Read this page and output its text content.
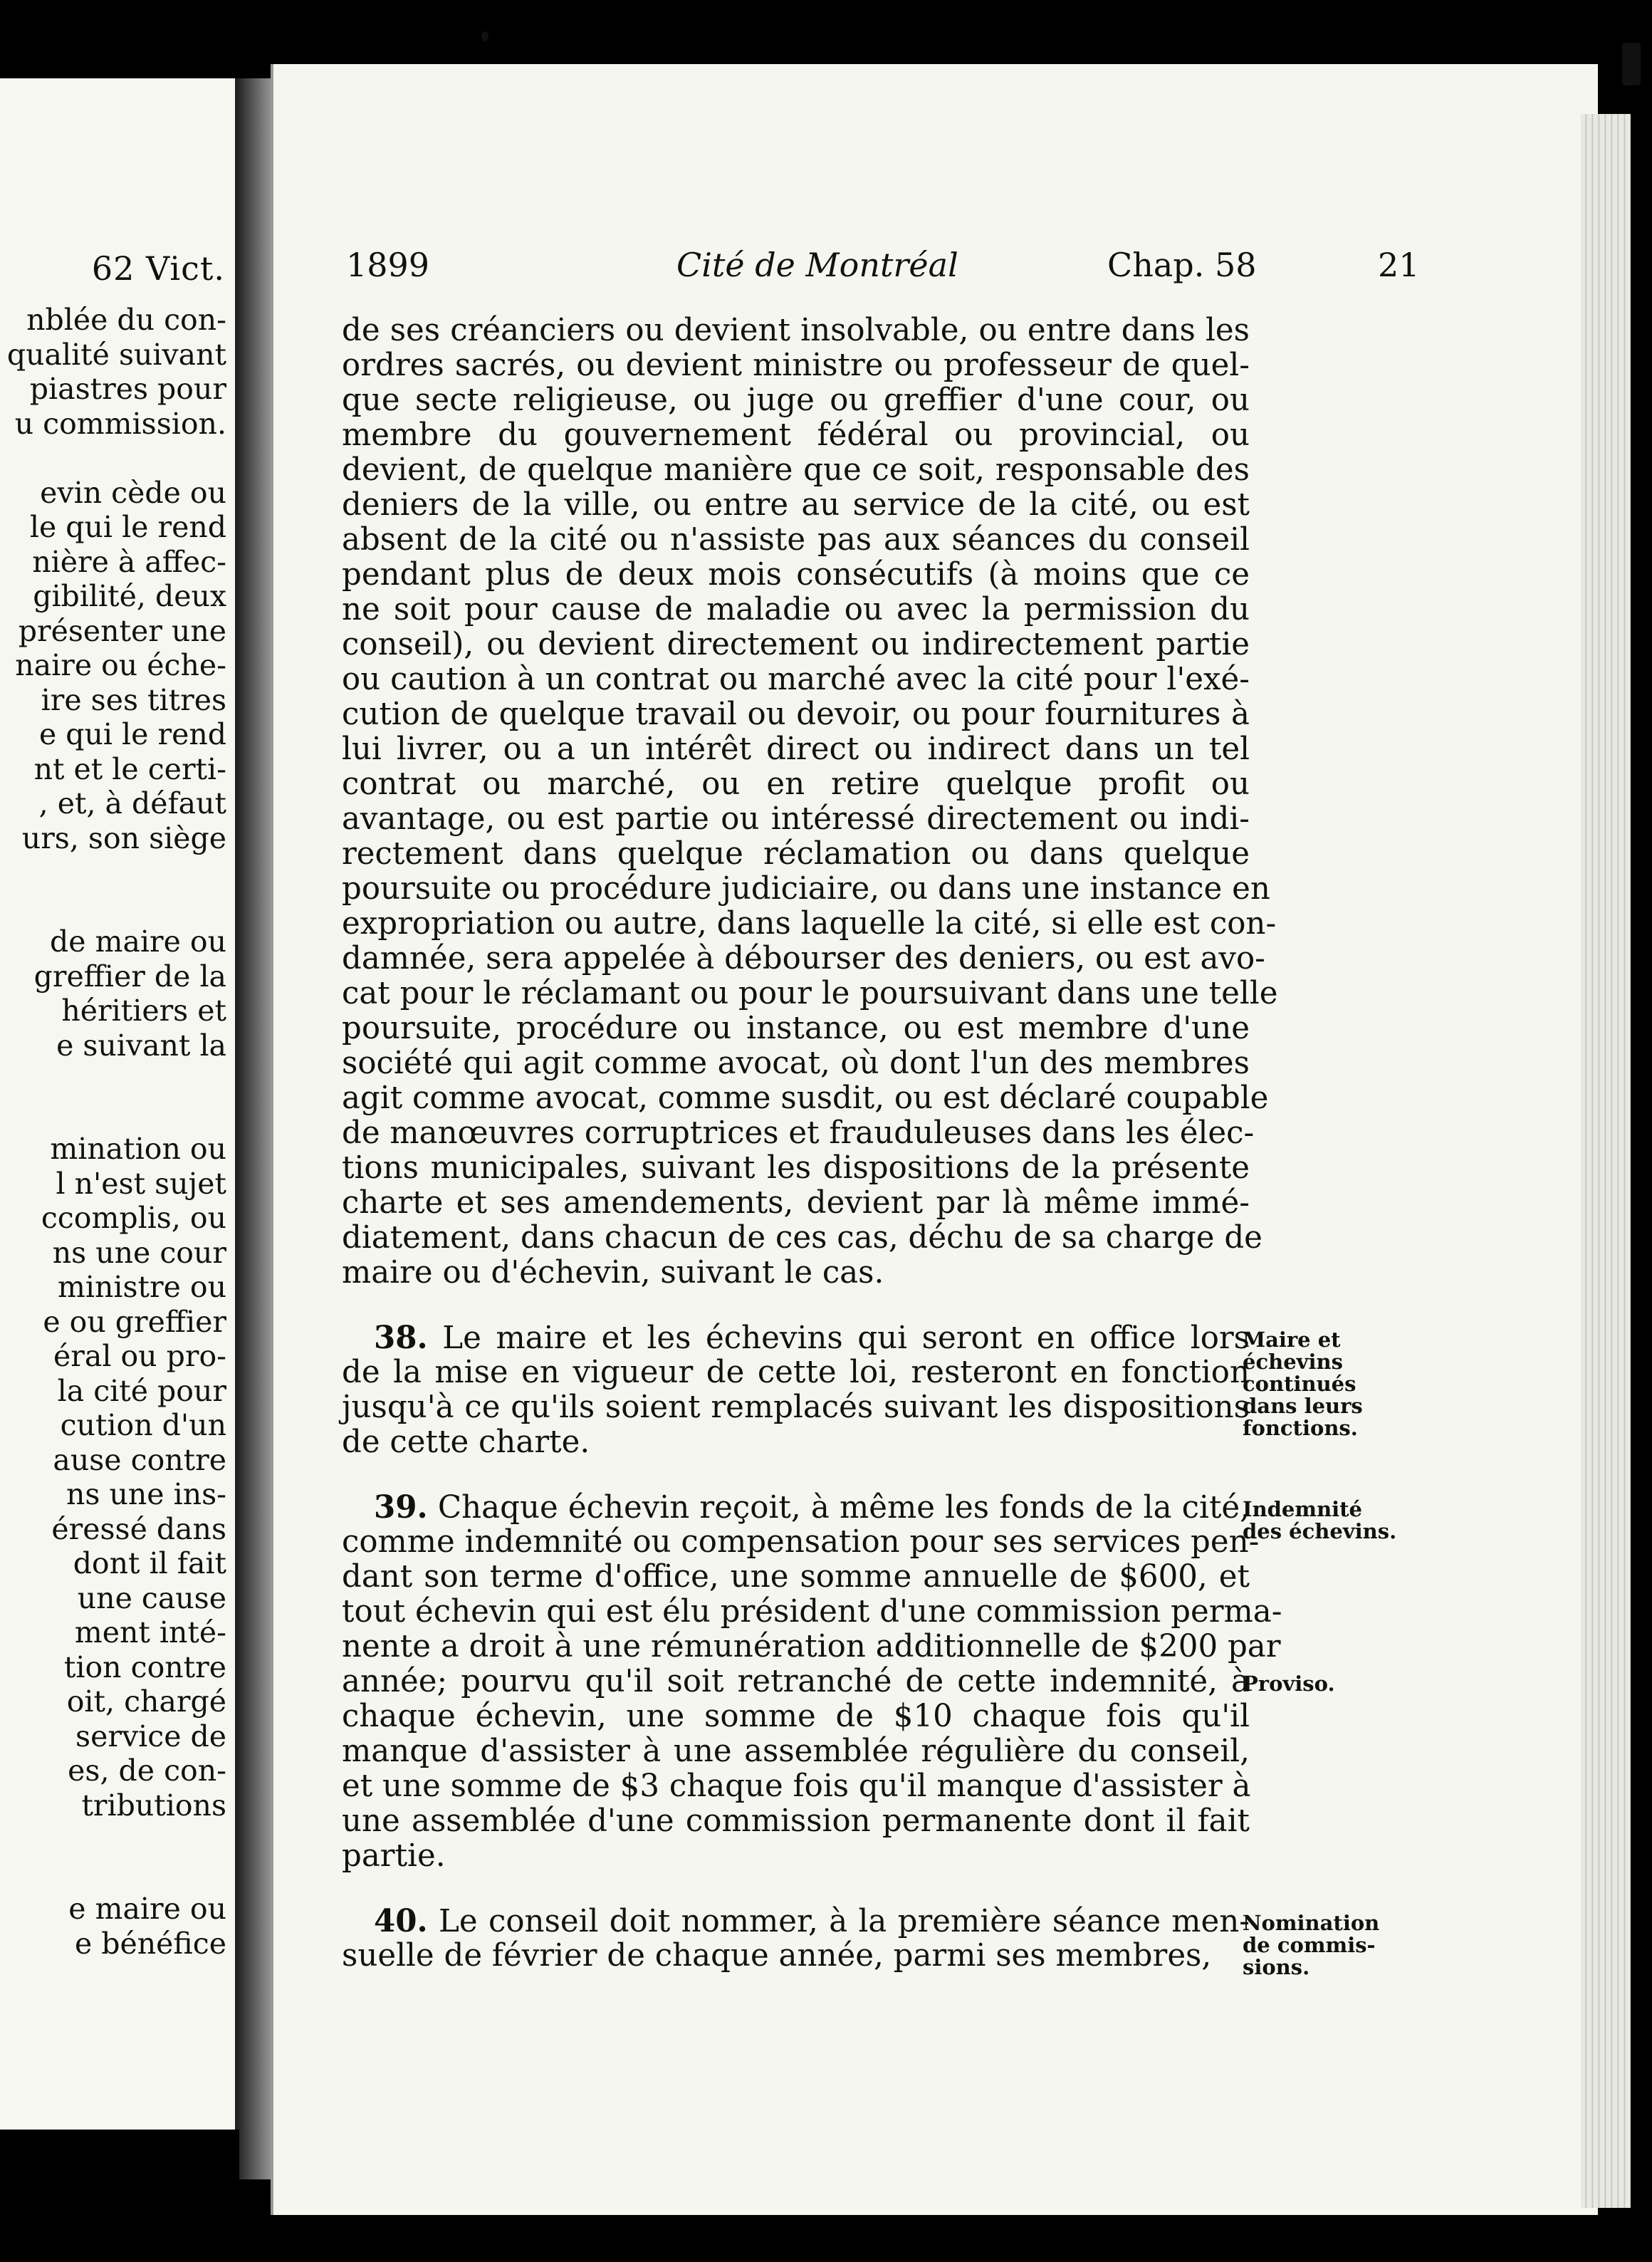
62 Vict.
nblée du con-
qualité suivant
piastres pour
u commission.
evin cède ou
le qui le rend
nière à affec-
gibilité, deux
présenter une
naire ou éche-
ire ses titres
e qui le rend
nt et le certi-
, et, à défaut
urs, son siège
de maire ou
greffier de la
héritiers et
e suivant la
mination ou
l n'est sujet
ccomplis, ou
ns une cour
ministre ou
e ou greffier
éral ou pro-
la cité pour
cution d'un
ause contre
ns une ins-
éressé dans
dont il fait
une cause
ment inté-
tion contre
oit, chargé
service de
es, de con-
tributions
e maire ou
e bénéfice
1899	Cité de Montréal	Chap. 58	21
de ses créanciers ou devient insolvable, ou entre dans les
ordres sacrés, ou devient ministre ou professeur de quel-
que secte religieuse, ou juge ou greffier d'une cour, ou
membre du gouvernement fédéral ou provincial, ou
devient, de quelque manière que ce soit, responsable des
deniers de la ville, ou entre au service de la cité, ou est
absent de la cité ou n'assiste pas aux séances du conseil
pendant plus de deux mois consécutifs (à moins que ce
ne soit pour cause de maladie ou avec la permission du
conseil), ou devient directement ou indirectement partie
ou caution à un contrat ou marché avec la cité pour l'exé-
cution de quelque travail ou devoir, ou pour fournitures à
lui livrer, ou a un intérêt direct ou indirect dans un tel
contrat ou marché, ou en retire quelque profit ou
avantage, ou est partie ou intéressé directement ou indi-
rectement dans quelque réclamation ou dans quelque
poursuite ou procédure judiciaire, ou dans une instance en
expropriation ou autre, dans laquelle la cité, si elle est con-
damnée, sera appelée à débourser des deniers, ou est avo-
cat pour le réclamant ou pour le poursuivant dans une telle
poursuite, procédure ou instance, ou est membre d'une
société qui agit comme avocat, où dont l'un des membres
agit comme avocat, comme susdit, ou est déclaré coupable
de manœuvres corruptrices et frauduleuses dans les élec-
tions municipales, suivant les dispositions de la présente
charte et ses amendements, devient par là même immé-
diatement, dans chacun de ces cas, déchu de sa charge de
maire ou d'échevin, suivant le cas.
38. Le maire et les échevins qui seront en office lors
de la mise en vigueur de cette loi, resteront en fonction
jusqu'à ce qu'ils soient remplacés suivant les dispositions
de cette charte.
39. Chaque échevin reçoit, à même les fonds de la cité,
comme indemnité ou compensation pour ses services pen-
dant son terme d'office, une somme annuelle de $600, et
tout échevin qui est élu président d'une commission perma-
nente a droit à une rémunération additionnelle de $200 par
année; pourvu qu'il soit retranché de cette indemnité, à
chaque échevin, une somme de $10 chaque fois qu'il
manque d'assister à une assemblée régulière du conseil,
et une somme de $3 chaque fois qu'il manque d'assister à
une assemblée d'une commission permanente dont il fait
partie.
40. Le conseil doit nommer, à la première séance men-
suelle de février de chaque année, parmi ses membres,
Maire et
échevins
continués
dans leurs
fonctions.
Indemnité
des échevins.
Proviso.
Nomination
de commis-
sions.
